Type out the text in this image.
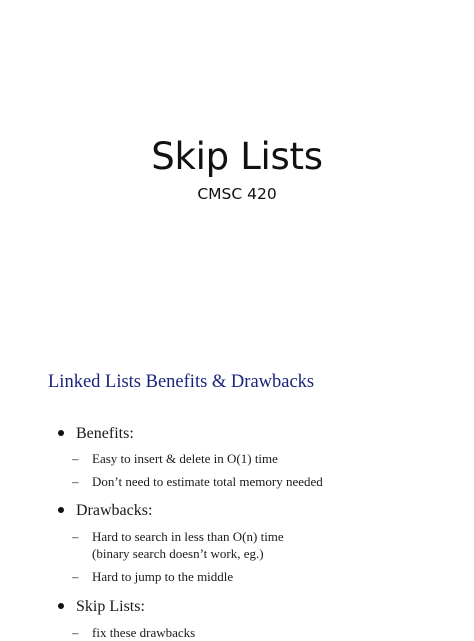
Skip Lists
CMSC 420
Linked Lists Benefits & Drawbacks
Benefits:
– Easy to insert & delete in O(1) time
– Don’t need to estimate total memory needed
Drawbacks:
– Hard to search in less than O(n) time
(binary search doesn’t work, eg.)
– Hard to jump to the middle
Skip Lists:
– fix these drawbacks
